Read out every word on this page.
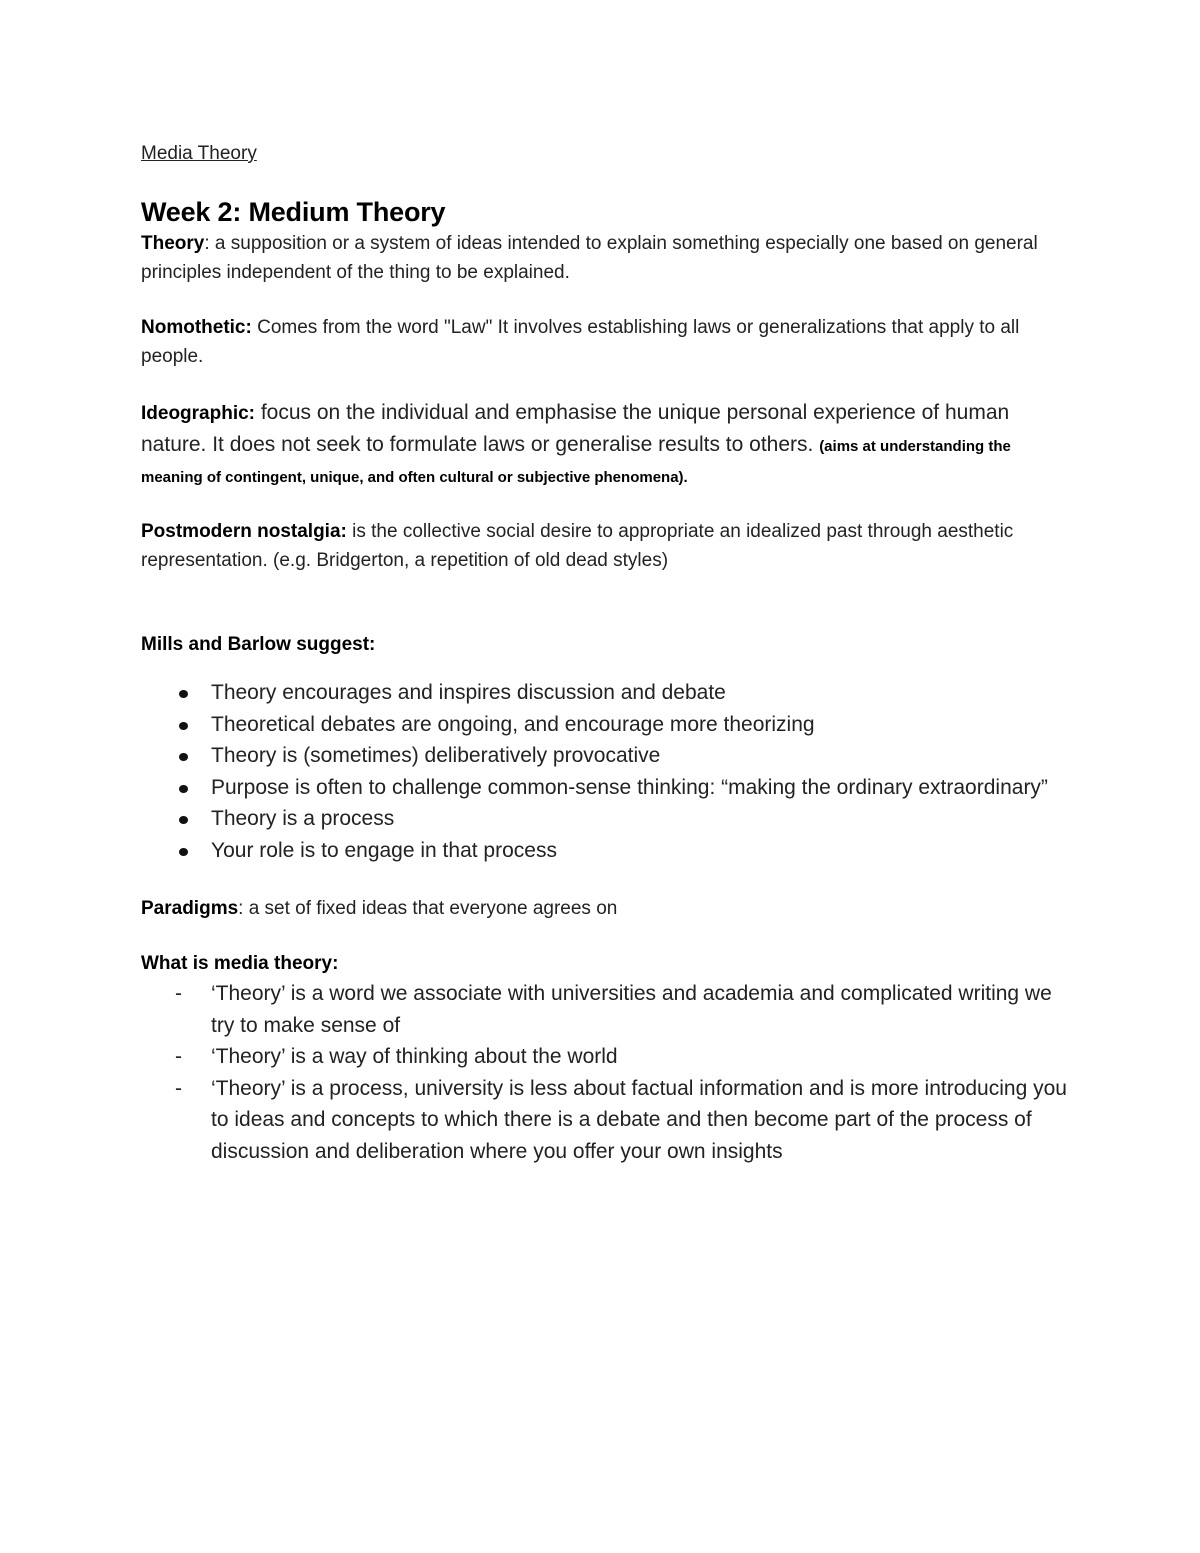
Media Theory

Week 2: Medium Theory

Theory: a supposition or a system of ideas intended to explain something especially one based on general principles independent of the thing to be explained.

Nomothetic: Comes from the word "Law" It involves establishing laws or generalizations that apply to all people.

Ideographic: focus on the individual and emphasise the unique personal experience of human nature. It does not seek to formulate laws or generalise results to others. (aims at understanding the meaning of contingent, unique, and often cultural or subjective phenomena).

Postmodern nostalgia: is the collective social desire to appropriate an idealized past through aesthetic representation. (e.g. Bridgerton, a repetition of old dead styles)

Mills and Barlow suggest:

Theory encourages and inspires discussion and debate
Theoretical debates are ongoing, and encourage more theorizing
Theory is (sometimes) deliberatively provocative
Purpose is often to challenge common-sense thinking: “making the ordinary extraordinary”
Theory is a process
Your role is to engage in that process

Paradigms: a set of fixed ideas that everyone agrees on

What is media theory:

- ‘Theory’ is a word we associate with universities and academia and complicated writing we try to make sense of
- ‘Theory’ is a way of thinking about the world
- ‘Theory’ is a process, university is less about factual information and is more introducing you to ideas and concepts to which there is a debate and then become part of the process of discussion and deliberation where you offer your own insights
